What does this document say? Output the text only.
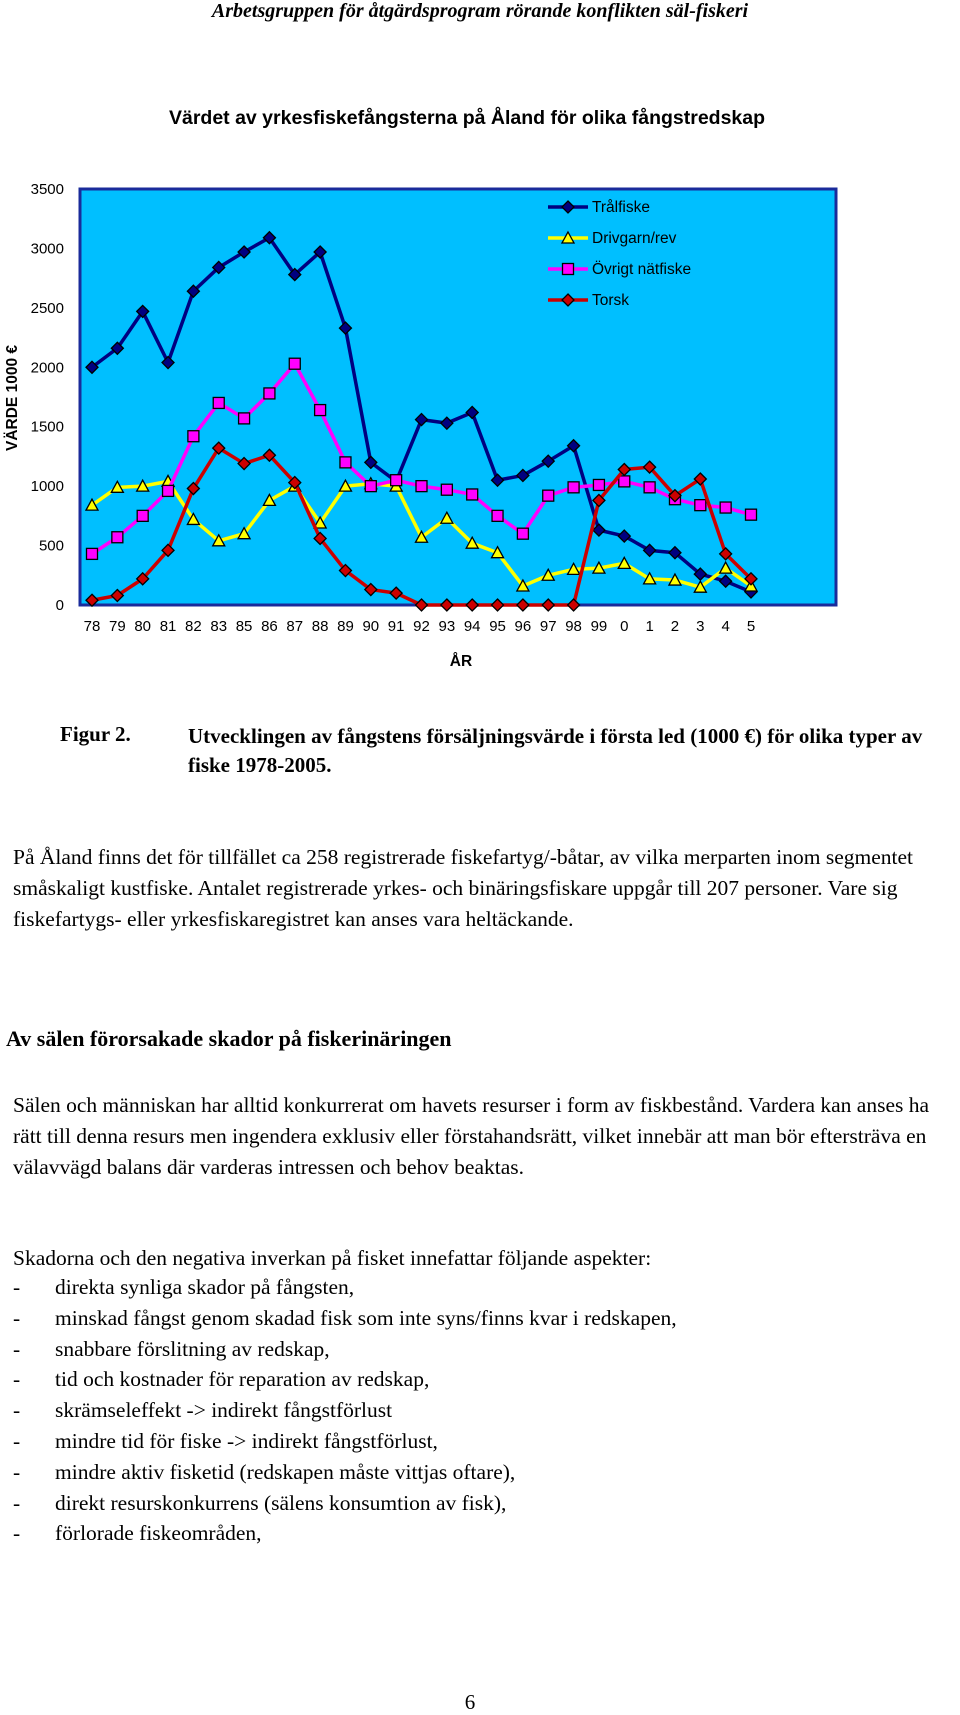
Arbetsgruppen för åtgärdsprogram rörande konflikten säl-fiskeri
Värdet av yrkesfiskefångsterna på Åland för olika fångstredskap
0
500
1000
1500
2000
2500
3000
3500
78 79 80 81 82 83 85 86 87 88 89 90 91 92 93 94 95 96 97 98 99 0 1 2 3 4 5
VÄRDE 1000 €
ÅR
Trålfiske
Drivgarn/rev
Övrigt nätfiske
Torsk
Figur 2.	Utvecklingen av fångstens försäljningsvärde i första led (1000 €) för olika typer av fiske 1978-2005.
På Åland finns det för tillfället ca 258 registrerade fiskefartyg/-båtar, av vilka merparten inom segmentet småskaligt kustfiske. Antalet registrerade yrkes- och binäringsfiskare uppgår till 207 personer. Vare sig fiskefartygs- eller yrkesfiskaregistret kan anses vara heltäckande.
Av sälen förorsakade skador på fiskerinäringen
Sälen och människan har alltid konkurrerat om havets resurser i form av fiskbestånd. Vardera kan anses ha rätt till denna resurs men ingendera exklusiv eller förstahandsrätt, vilket innebär att man bör eftersträva en välavvägd balans där varderas intressen och behov beaktas.
Skadorna och den negativa inverkan på fisket innefattar följande aspekter:
- direkta synliga skador på fångsten,
- minskad fångst genom skadad fisk som inte syns/finns kvar i redskapen,
- snabbare förslitning av redskap,
- tid och kostnader för reparation av redskap,
- skrämseleffekt -> indirekt fångstförlust
- mindre tid för fiske -> indirekt fångstförlust,
- mindre aktiv fisketid (redskapen måste vittjas oftare),
- direkt resurskonkurrens (sälens konsumtion av fisk),
- förlorade fiskeområden,
6
